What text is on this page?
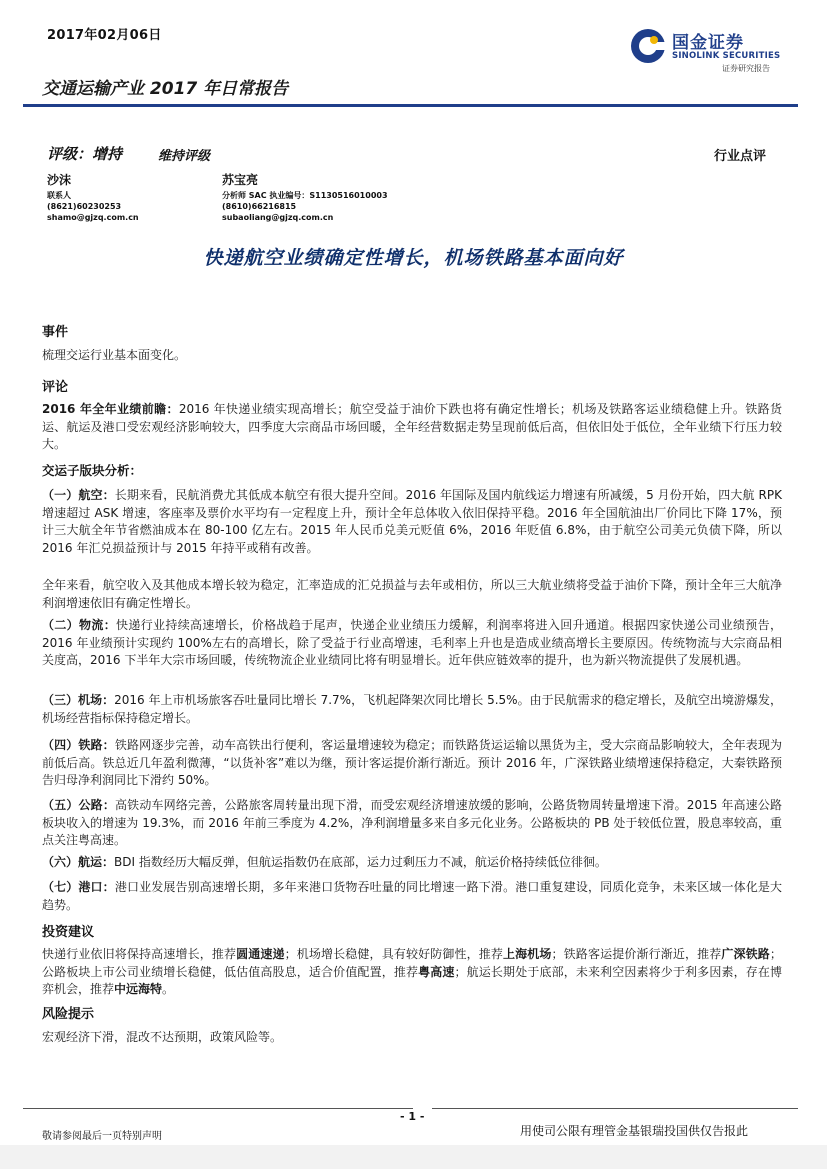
2017年02月06日
交通运输产业 2017 年日常报告
国金证券
SINOLINK SECURITIES
证券研究报告
评级：增持	维持评级	行业点评
沙沫
联系人
(8621)60230253
shamo@gjzq.com.cn
苏宝亮
分析师 SAC 执业编号：S1130516010003
(8610)66216815
subaoliang@gjzq.com.cn
快递航空业绩确定性增长，机场铁路基本面向好
事件
梳理交运行业基本面变化。
评论
2016 年全年业绩前瞻：2016 年快递业绩实现高增长；航空受益于油价下跌也将有确定性增长；机场及铁路客运业绩稳健上升。铁路货运、航运及港口受宏观经济影响较大，四季度大宗商品市场回暖，全年经营数据走势呈现前低后高，但依旧处于低位，全年业绩下行压力较大。
交运子版块分析：
（一）航空：长期来看，民航消费尤其低成本航空有很大提升空间。2016 年国际及国内航线运力增速有所减缓，5 月份开始，四大航 RPK 增速超过 ASK 增速，客座率及票价水平均有一定程度上升，预计全年总体收入依旧保持平稳。2016 年全国航油出厂价同比下降 17%，预计三大航全年节省燃油成本在 80-100 亿左右。2015 年人民币兑美元贬值 6%，2016 年贬值 6.8%，由于航空公司美元负债下降，所以 2016 年汇兑损益预计与 2015 年持平或稍有改善。
全年来看，航空收入及其他成本增长较为稳定，汇率造成的汇兑损益与去年或相仿，所以三大航业绩将受益于油价下降，预计全年三大航净利润增速依旧有确定性增长。
（二）物流：快递行业持续高速增长，价格战趋于尾声，快递企业业绩压力缓解，利润率将进入回升通道。根据四家快递公司业绩预告，2016 年业绩预计实现约 100%左右的高增长，除了受益于行业高增速，毛利率上升也是造成业绩高增长主要原因。传统物流与大宗商品相关度高，2016 下半年大宗市场回暖，传统物流企业业绩同比将有明显增长。近年供应链效率的提升，也为新兴物流提供了发展机遇。
（三）机场：2016 年上市机场旅客吞吐量同比增长 7.7%，飞机起降架次同比增长 5.5%。由于民航需求的稳定增长，及航空出境游爆发，机场经营指标保持稳定增长。
（四）铁路：铁路网逐步完善，动车高铁出行便利，客运量增速较为稳定；而铁路货运运输以黑货为主，受大宗商品影响较大，全年表现为前低后高。铁总近几年盈利微薄，“以货补客”难以为继，预计客运提价渐行渐近。预计 2016 年，广深铁路业绩增速保持稳定，大秦铁路预告归母净利润同比下滑约 50%。
（五）公路：高铁动车网络完善，公路旅客周转量出现下滑，而受宏观经济增速放缓的影响，公路货物周转量增速下滑。2015 年高速公路板块收入的增速为 19.3%，而 2016 年前三季度为 4.2%，净利润增量多来自多元化业务。公路板块的 PB 处于较低位置，股息率较高，重点关注粤高速。
（六）航运：BDI 指数经历大幅反弹，但航运指数仍在底部，运力过剩压力不减，航运价格持续低位徘徊。
（七）港口：港口业发展告别高速增长期，多年来港口货物吞吐量的同比增速一路下滑。港口重复建设，同质化竞争，未来区域一体化是大趋势。
投资建议
快递行业依旧将保持高速增长，推荐圆通速递；机场增长稳健，具有较好防御性，推荐上海机场；铁路客运提价渐行渐近，推荐广深铁路；公路板块上市公司业绩增长稳健，低估值高股息，适合价值配置，推荐粤高速；航运长期处于底部，未来利空因素将少于利多因素，存在博弈机会，推荐中远海特。
风险提示
宏观经济下滑，混改不达预期，政策风险等。
- 1 -
敬请参阅最后一页特别声明	用使司公限有理管金基银瑞投国供仅告报此
